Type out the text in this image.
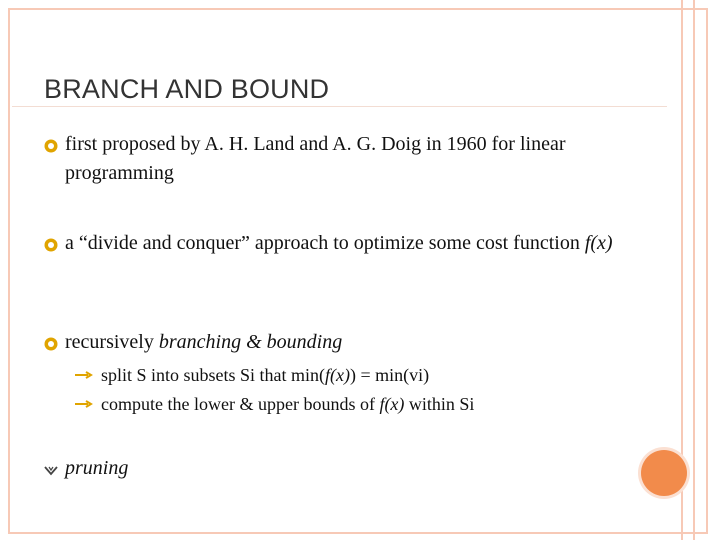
BRANCH AND BOUND
first proposed by A. H. Land and A. G. Doig in 1960 for linear programming
a “divide and conquer” approach to optimize some cost function f(x)
recursively branching & bounding
split S into subsets Si that min(f(x)) = min(vi)
compute the lower & upper bounds of f(x) within Si
pruning
